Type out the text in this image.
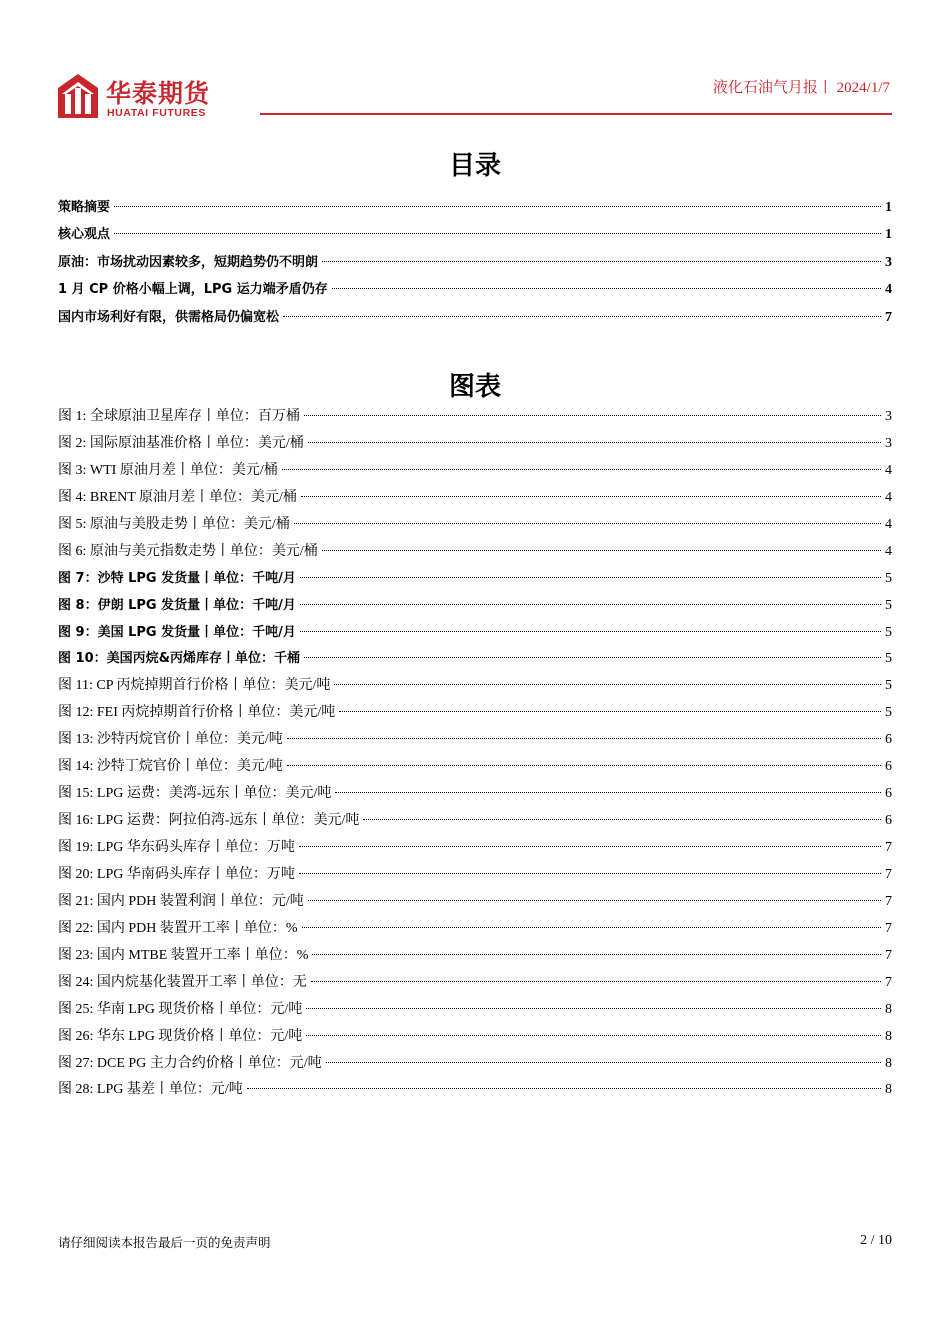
华泰期货
HUATAI FUTURES
液化石油气月报丨 2024/1/7
目录
策略摘要	1
核心观点	1
原油：市场扰动因素较多，短期趋势仍不明朗	3
1 月 CP 价格小幅上调，LPG 运力端矛盾仍存	4
国内市场利好有限，供需格局仍偏宽松	7
图表
图 1: 全球原油卫星库存丨单位：百万桶	3
图 2: 国际原油基准价格丨单位：美元/桶	3
图 3: WTI 原油月差丨单位：美元/桶	4
图 4: BRENT 原油月差丨单位：美元/桶	4
图 5: 原油与美股走势丨单位：美元/桶	4
图 6: 原油与美元指数走势丨单位：美元/桶	4
图 7：沙特 LPG 发货量丨单位：千吨/月	5
图 8：伊朗 LPG 发货量丨单位：千吨/月	5
图 9：美国 LPG 发货量丨单位：千吨/月	5
图 10：美国丙烷&丙烯库存丨单位：千桶	5
图 11: CP 丙烷掉期首行价格丨单位：美元/吨	5
图 12: FEI 丙烷掉期首行价格丨单位：美元/吨	5
图 13: 沙特丙烷官价丨单位：美元/吨	6
图 14: 沙特丁烷官价丨单位：美元/吨	6
图 15: LPG 运费：美湾-远东丨单位：美元/吨	6
图 16: LPG 运费：阿拉伯湾-远东丨单位：美元/吨	6
图 19: LPG 华东码头库存丨单位：万吨	7
图 20: LPG 华南码头库存丨单位：万吨	7
图 21: 国内 PDH 装置利润丨单位：元/吨	7
图 22: 国内 PDH 装置开工率丨单位：%	7
图 23: 国内 MTBE 装置开工率丨单位：%	7
图 24: 国内烷基化装置开工率丨单位：无	7
图 25: 华南 LPG 现货价格丨单位：元/吨	8
图 26: 华东 LPG 现货价格丨单位：元/吨	8
图 27: DCE PG 主力合约价格丨单位：元/吨	8
图 28: LPG 基差丨单位：元/吨	8
请仔细阅读本报告最后一页的免责声明	2 / 10
